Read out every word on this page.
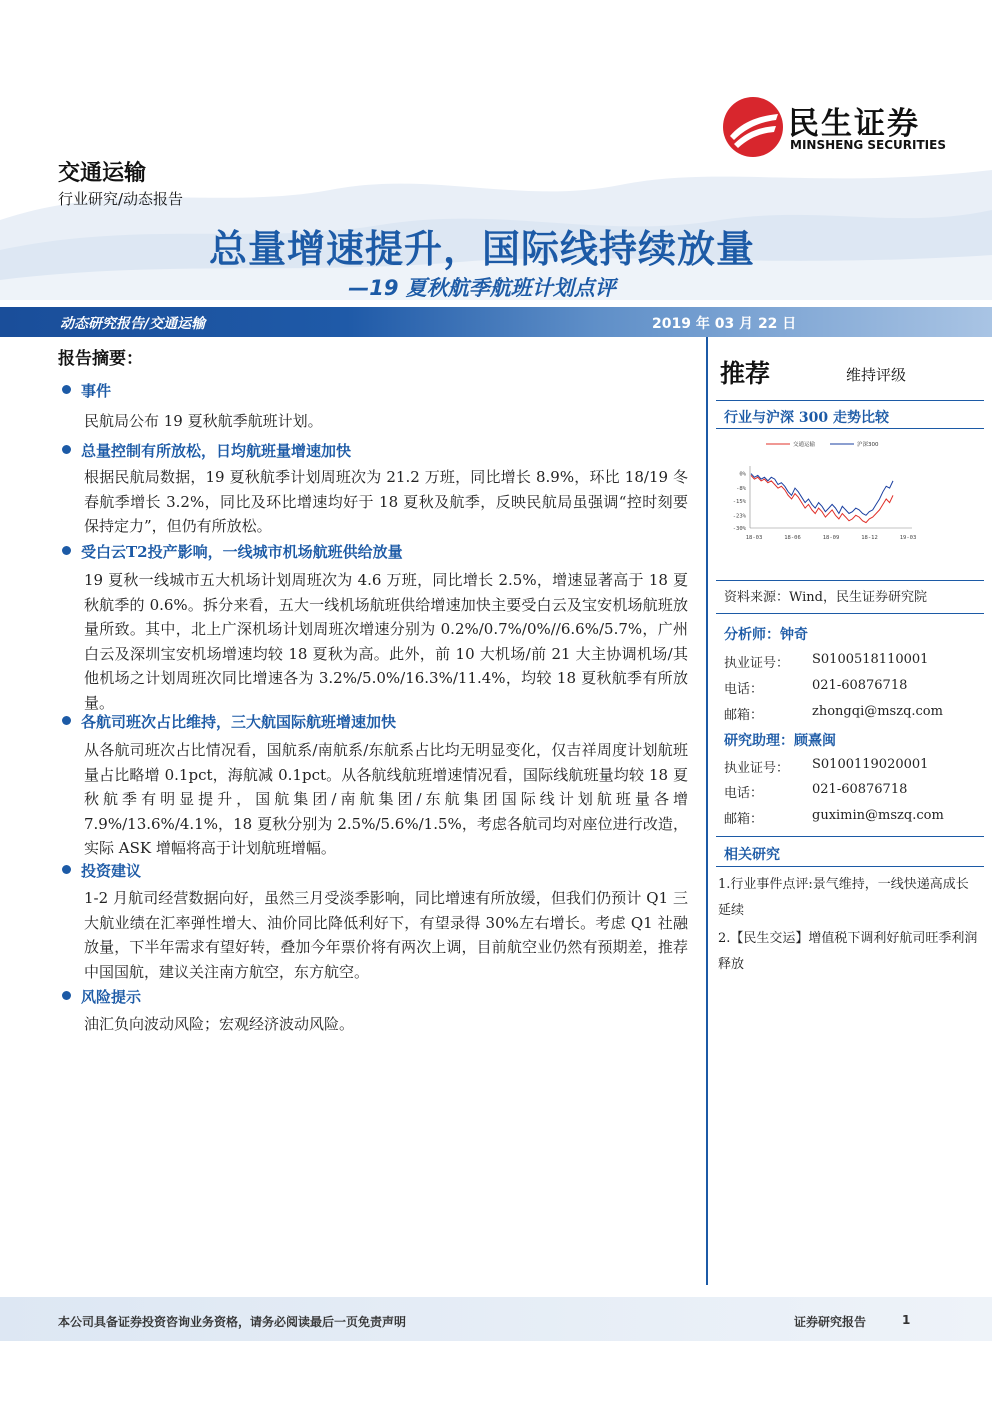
民生证券
MINSHENG SECURITIES
交通运输
行业研究/动态报告
总量增速提升，国际线持续放量
—19 夏秋航季航班计划点评
动态研究报告/交通运输	2019 年 03 月 22 日
报告摘要：
事件
民航局公布 19 夏秋航季航班计划。
总量控制有所放松，日均航班量增速加快
根据民航局数据，19 夏秋航季计划周班次为 21.2 万班，同比增长 8.9%，环比 18/19 冬春航季增长 3.2%，同比及环比增速均好于 18 夏秋及航季，反映民航局虽强调“控时刻要保持定力”，但仍有所放松。
受白云T2投产影响，一线城市机场航班供给放量
19 夏秋一线城市五大机场计划周班次为 4.6 万班，同比增长 2.5%，增速显著高于 18 夏秋航季的 0.6%。拆分来看，五大一线机场航班供给增速加快主要受白云及宝安机场航班放量所致。其中，北上广深机场计划周班次增速分别为 0.2%/0.7%/0%//6.6%/5.7%，广州白云及深圳宝安机场增速均较 18 夏秋为高。此外，前 10 大机场/前 21 大主协调机场/其他机场之计划周班次同比增速各为 3.2%/5.0%/16.3%/11.4%，均较 18 夏秋航季有所放量。
各航司班次占比维持，三大航国际航班增速加快
从各航司班次占比情况看，国航系/南航系/东航系占比均无明显变化，仅吉祥周度计划航班量占比略增 0.1pct，海航减 0.1pct。从各航线航班增速情况看，国际线航班量均较 18 夏秋航季有明显提升，国航集团/南航集团/东航集团国际线计划航班量各增 7.9%/13.6%/4.1%，18 夏秋分别为 2.5%/5.6%/1.5%，考虑各航司均对座位进行改造，实际 ASK 增幅将高于计划航班增幅。
投资建议
1-2 月航司经营数据向好，虽然三月受淡季影响，同比增速有所放缓，但我们仍预计 Q1 三大航业绩在汇率弹性增大、油价同比降低利好下，有望录得 30%左右增长。考虑 Q1 社融放量，下半年需求有望好转，叠加今年票价将有两次上调，目前航空业仍然有预期差，推荐中国国航，建议关注南方航空，东方航空。
风险提示
油汇负向波动风险；宏观经济波动风险。
推荐	维持评级
行业与沪深 300 走势比较
0%
-8%
-15%
-23%
-30%
18-03	18-06	18-09	18-12	19-03
交通运输	沪深300
资料来源：Wind，民生证券研究院
分析师：钟奇
执业证号： S0100518110001
电话：	021-60876718
邮箱：	zhongqi@mszq.com
研究助理：顾熹闽
执业证号： S0100119020001
电话：	021-60876718
邮箱：	guximin@mszq.com
相关研究
1.行业事件点评:景气维持，一线快递高成长延续
2.【民生交运】增值税下调利好航司旺季利润释放
本公司具备证券投资咨询业务资格，请务必阅读最后一页免责声明	证券研究报告	1
